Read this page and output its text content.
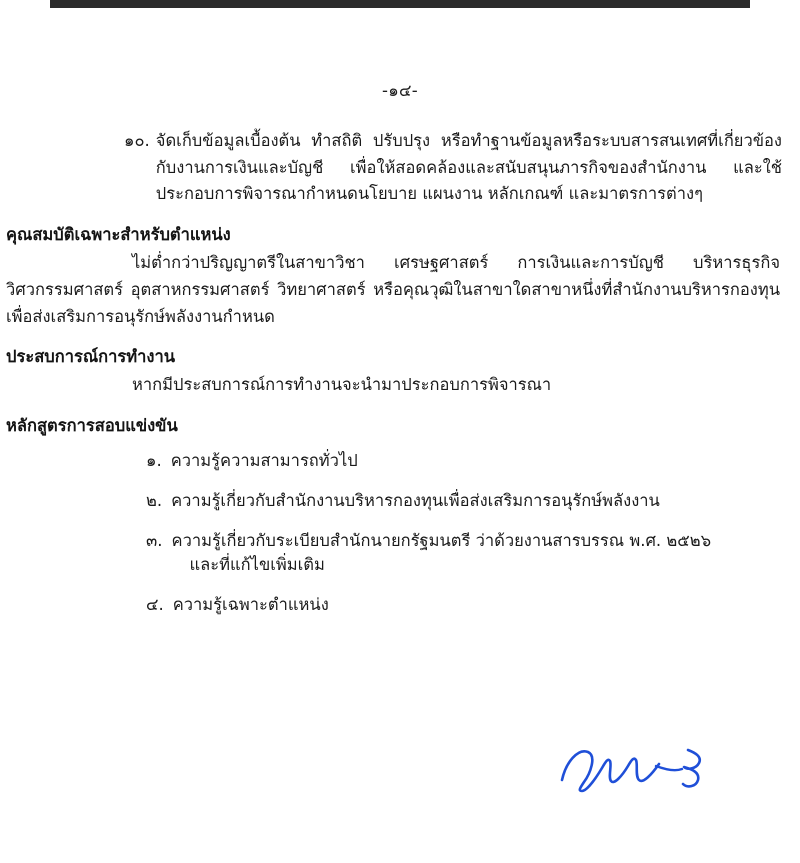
-๑๔-
๑๐. จัดเก็บข้อมูลเบื้องต้น ทำสถิติ ปรับปรุง หรือทำฐานข้อมูลหรือระบบสารสนเทศที่เกี่ยวข้องกับงานการเงินและบัญชี เพื่อให้สอดคล้องและสนับสนุนภารกิจของสำนักงาน และใช้ประกอบการพิจารณากำหนดนโยบาย แผนงาน หลักเกณฑ์ และมาตรการต่างๆ
คุณสมบัติเฉพาะสำหรับตำแหน่ง
ไม่ต่ำกว่าปริญญาตรีในสาขาวิชา เศรษฐศาสตร์ การเงินและการบัญชี บริหารธุรกิจ วิศวกรรมศาสตร์ อุตสาหกรรมศาสตร์ วิทยาศาสตร์ หรือคุณวุฒิในสาขาใดสาขาหนึ่งที่สำนักงานบริหารกองทุนเพื่อส่งเสริมการอนุรักษ์พลังงานกำหนด
ประสบการณ์การทำงาน
หากมีประสบการณ์การทำงานจะนำมาประกอบการพิจารณา
หลักสูตรการสอบแข่งขัน
๑. ความรู้ความสามารถทั่วไป
๒. ความรู้เกี่ยวกับสำนักงานบริหารกองทุนเพื่อส่งเสริมการอนุรักษ์พลังงาน
๓. ความรู้เกี่ยวกับระเบียบสำนักนายกรัฐมนตรี ว่าด้วยงานสารบรรณ พ.ศ. ๒๕๒๖
และที่แก้ไขเพิ่มเติม
๔. ความรู้เฉพาะตำแหน่ง
